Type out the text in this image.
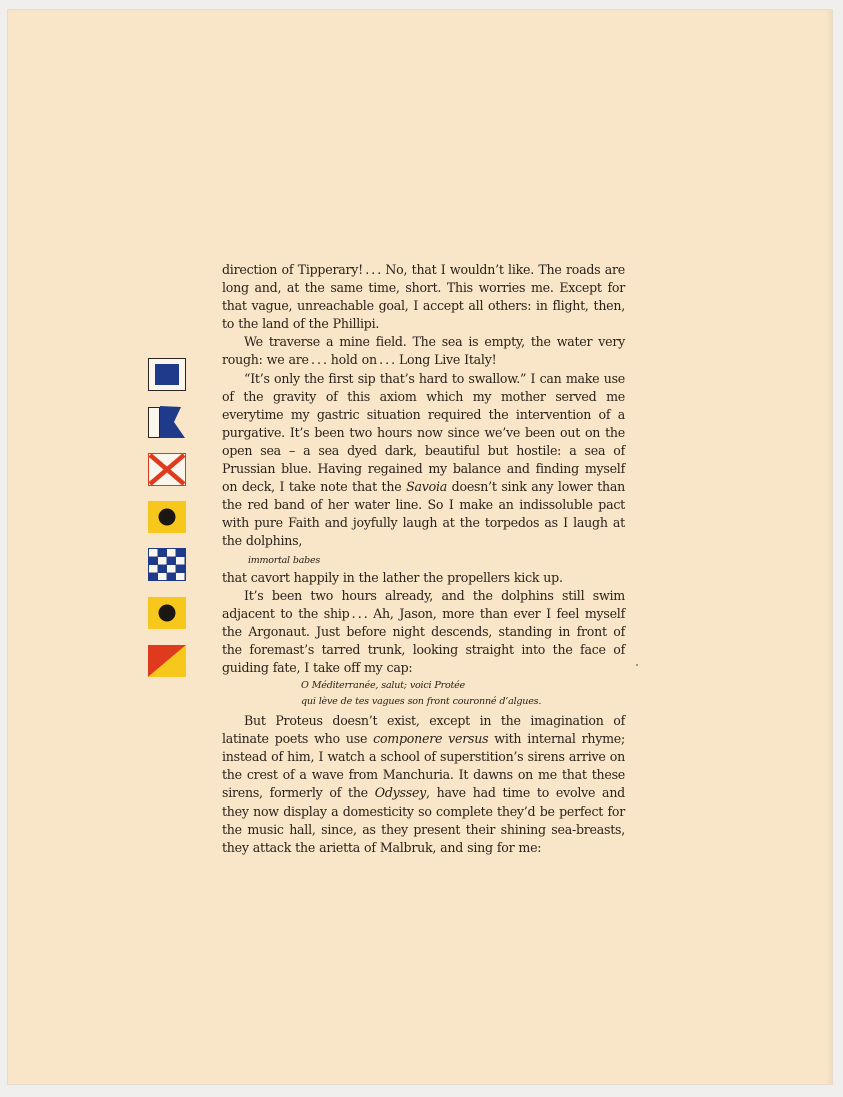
direction of Tipperary! . . . No, that I wouldn’t like. The roads are long and, at the same time, short. This worries me. Except for that vague, unreachable goal, I accept all others: in flight, then, to the land of the Phillipi.

We traverse a mine field. The sea is empty, the water very rough: we are . . . hold on . . . Long Live Italy!

“It’s only the first sip that’s hard to swallow.” I can make use of the gravity of this axiom which my mother served me everytime my gastric situation required the intervention of a purgative. It’s been two hours now since we’ve been out on the open sea – a sea dyed dark, beautiful but hostile: a sea of Prussian blue. Having regained my balance and finding myself on deck, I take note that the Savoia doesn’t sink any lower than the red band of her water line. So I make an indissoluble pact with pure Faith and joyfully laugh at the torpedos as I laugh at the dolphins,

immortal babes

that cavort happily in the lather the propellers kick up.

It’s been two hours already, and the dolphins still swim adjacent to the ship . . . Ah, Jason, more than ever I feel myself the Argonaut. Just before night descends, standing in front of the foremast’s tarred trunk, looking straight into the face of guiding fate, I take off my cap:

O Méditerranée, salut; voici Protée
qui lève de tes vagues son front couronné d’algues.

But Proteus doesn’t exist, except in the imagination of latinate poets who use componere versus with internal rhyme; instead of him, I watch a school of superstition’s sirens arrive on the crest of a wave from Manchuria. It dawns on me that these sirens, formerly of the Odyssey, have had time to evolve and they now display a domesticity so complete they’d be perfect for the music hall, since, as they present their shining sea-breasts, they attack the arietta of Malbruk, and sing for me:
